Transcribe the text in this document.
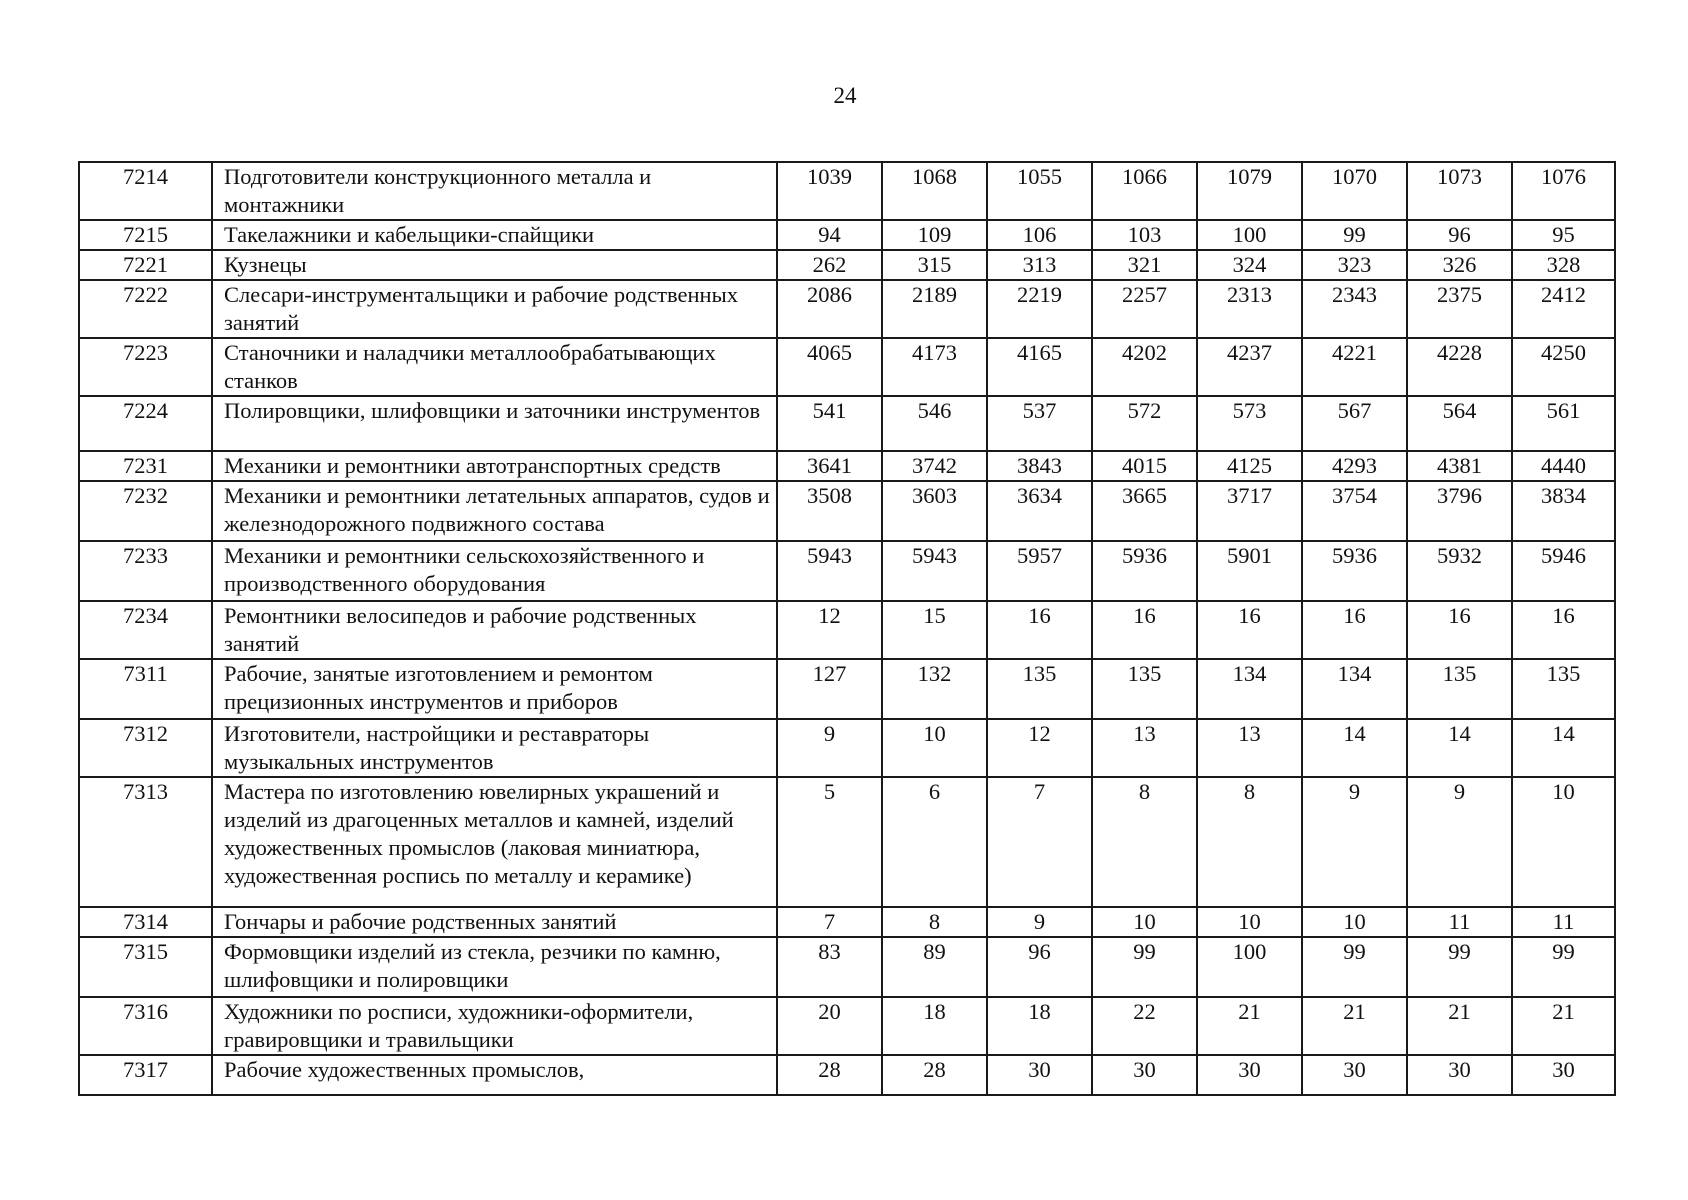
24
7214	Подготовители конструкционного металла и монтажники	1039	1068	1055	1066	1079	1070	1073	1076
7215	Такелажники и кабельщики-спайщики	94	109	106	103	100	99	96	95
7221	Кузнецы	262	315	313	321	324	323	326	328
7222	Слесари-инструментальщики и рабочие родственных занятий	2086	2189	2219	2257	2313	2343	2375	2412
7223	Станочники и наладчики металлообрабатывающих станков	4065	4173	4165	4202	4237	4221	4228	4250
7224	Полировщики, шлифовщики и заточники инструментов	541	546	537	572	573	567	564	561
7231	Механики и ремонтники автотранспортных средств	3641	3742	3843	4015	4125	4293	4381	4440
7232	Механики и ремонтники летательных аппаратов, судов и железнодорожного подвижного состава	3508	3603	3634	3665	3717	3754	3796	3834
7233	Механики и ремонтники сельскохозяйственного и производственного оборудования	5943	5943	5957	5936	5901	5936	5932	5946
7234	Ремонтники велосипедов и рабочие родственных занятий	12	15	16	16	16	16	16	16
7311	Рабочие, занятые изготовлением и ремонтом прецизионных инструментов и приборов	127	132	135	135	134	134	135	135
7312	Изготовители, настройщики и реставраторы музыкальных инструментов	9	10	12	13	13	14	14	14
7313	Мастера по изготовлению ювелирных украшений и изделий из драгоценных металлов и камней, изделий художественных промыслов (лаковая миниатюра, художественная роспись по металлу и керамике)	5	6	7	8	8	9	9	10
7314	Гончары и рабочие родственных занятий	7	8	9	10	10	10	11	11
7315	Формовщики изделий из стекла, резчики по камню, шлифовщики и полировщики	83	89	96	99	100	99	99	99
7316	Художники по росписи, художники-оформители, гравировщики и травильщики	20	18	18	22	21	21	21	21
7317	Рабочие художественных промыслов,	28	28	30	30	30	30	30	30
